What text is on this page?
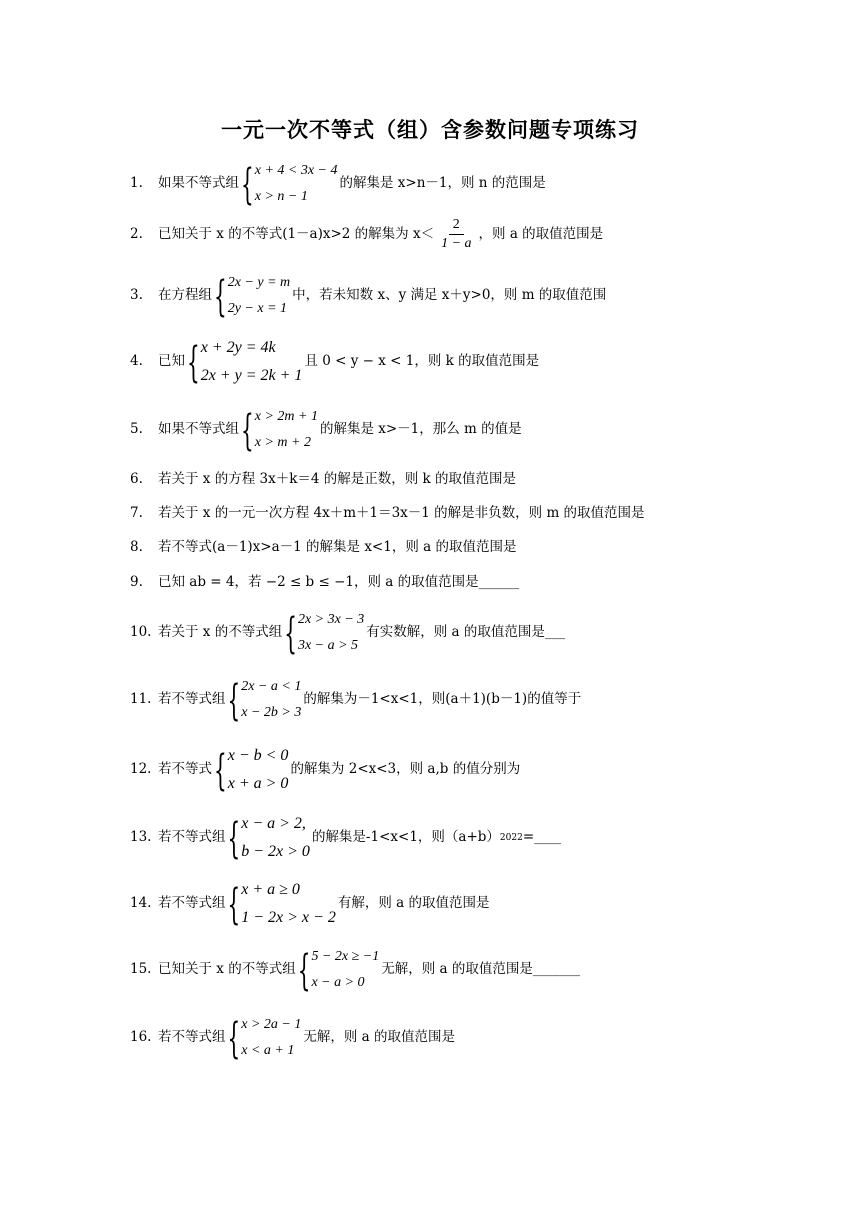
一元一次不等式（组）含参数问题专项练习
1.	如果不等式组 { x + 4 < 3x − 4
x > n − 1
的解集是 x>n－1，则 n 的范围是
2.	已知关于 x 的不等式(1－a)x>2 的解集为 $x< \frac{2}{1 - a}$ ，则 a 的取值范围是
3.	在方程组 { 2x − y = m
2y − x = 1
中，若未知数 x、y 满足 x＋y>0，则 m 的取值范围
4.	已知 { x + 2y = 4k
2x + y = 2k + 1
且 0 < y − x < 1，则 k 的取值范围是
5.	如果不等式组 { x > 2m + 1
x > m + 2
的解集是 x>－1，那么 m 的值是
6.	若关于 x 的方程 3x＋k＝4 的解是正数，则 k 的取值范围是
7.	若关于 x 的一元一次方程 4x＋m＋1＝3x－1 的解是非负数，则 m 的取值范围是
8.	若不等式(a－1)x>a－1 的解集是 x<1，则 a 的取值范围是
9.	已知 ab = 4，若 −2 ≤ b ≤ −1，则 a 的取值范围是______
10. 若关于 x 的不等式组 { 2x > 3x − 3
3x − a > 5
有实数解，则 a 的取值范围是___
11. 若不等式组 { 2x − a < 1
x − 2b > 3
的解集为－1<x<1，则(a＋1)(b－1)的值等于
12. 若不等式 { x − b < 0
x + a > 0
的解集为 2<x<3，则 a,b 的值分别为
13. 若不等式组 { x − a > 2,
b − 2x > 0
的解集是-1<x<1，则（a+b） 2022 =____
14. 若不等式组 { x + a ≥ 0
1 − 2x > x − 2
有解，则 a 的取值范围是
15. 已知关于 x 的不等式组 { 5 − 2x ≥ −1
x − a > 0
无解，则 a 的取值范围是_______
16. 若不等式组 { x > 2a − 1
x < a + 1
无解，则 a 的取值范围是
